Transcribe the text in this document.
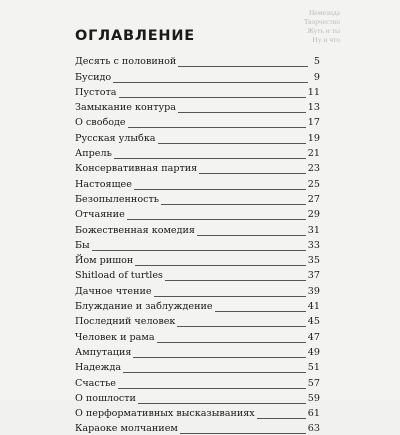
Немезида
Творчество
Жуть и ты
Ну и что
ОГЛАВЛЕНИЕ
Десять с половиной	5
Бусидо	9
Пустота	11
Замыкание контура	13
О свободе	17
Русская улыбка	19
Апрель	21
Консервативная партия	23
Настоящее	25
Безопыленность	27
Отчаяние	29
Божественная комедия	31
Бы	33
Йом ришон	35
Shitload of turtles	37
Дачное чтение	39
Блуждание и заблуждение	41
Последний человек	45
Человек и рама	47
Ампутация	49
Надежда	51
Счастье	57
О пошлости	59
О перформативных высказываниях	61
Караоке молчанием	63
